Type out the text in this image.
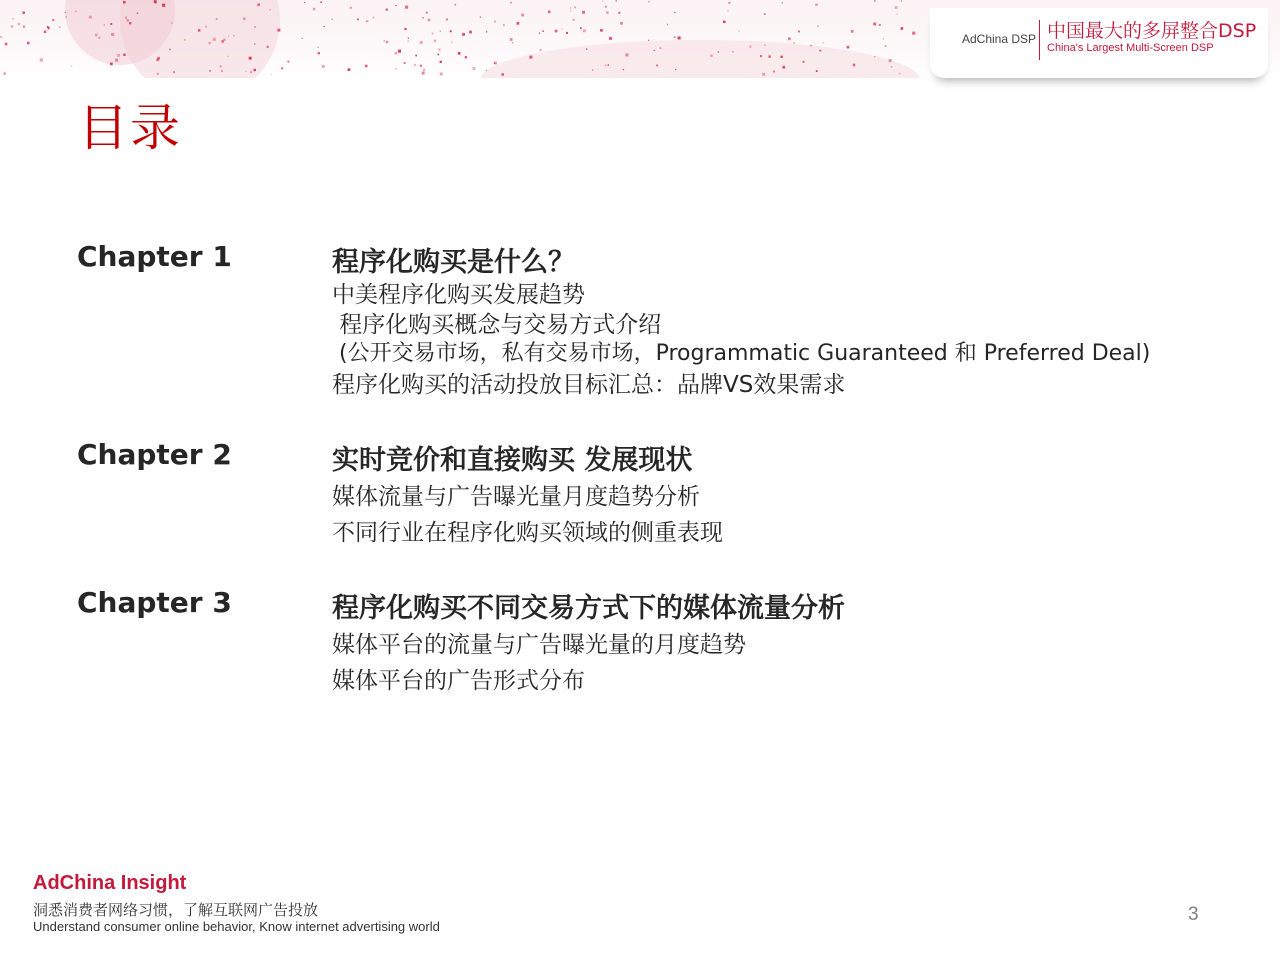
AdChina DSP 中国最大的多屏整合DSP
China's Largest Multi-Screen DSP
目录
Chapter 1	程序化购买是什么？
中美程序化购买发展趋势
程序化购买概念与交易方式介绍
(公开交易市场，私有交易市场，Programmatic Guaranteed 和 Preferred Deal)
程序化购买的活动投放目标汇总：品牌VS效果需求
Chapter 2	实时竞价和直接购买 发展现状
媒体流量与广告曝光量月度趋势分析
不同行业在程序化购买领域的侧重表现
Chapter 3	程序化购买不同交易方式下的媒体流量分析
媒体平台的流量与广告曝光量的月度趋势
媒体平台的广告形式分布
AdChina Insight
洞悉消费者网络习惯，了解互联网广告投放
Understand consumer online behavior, Know internet advertising world
3
